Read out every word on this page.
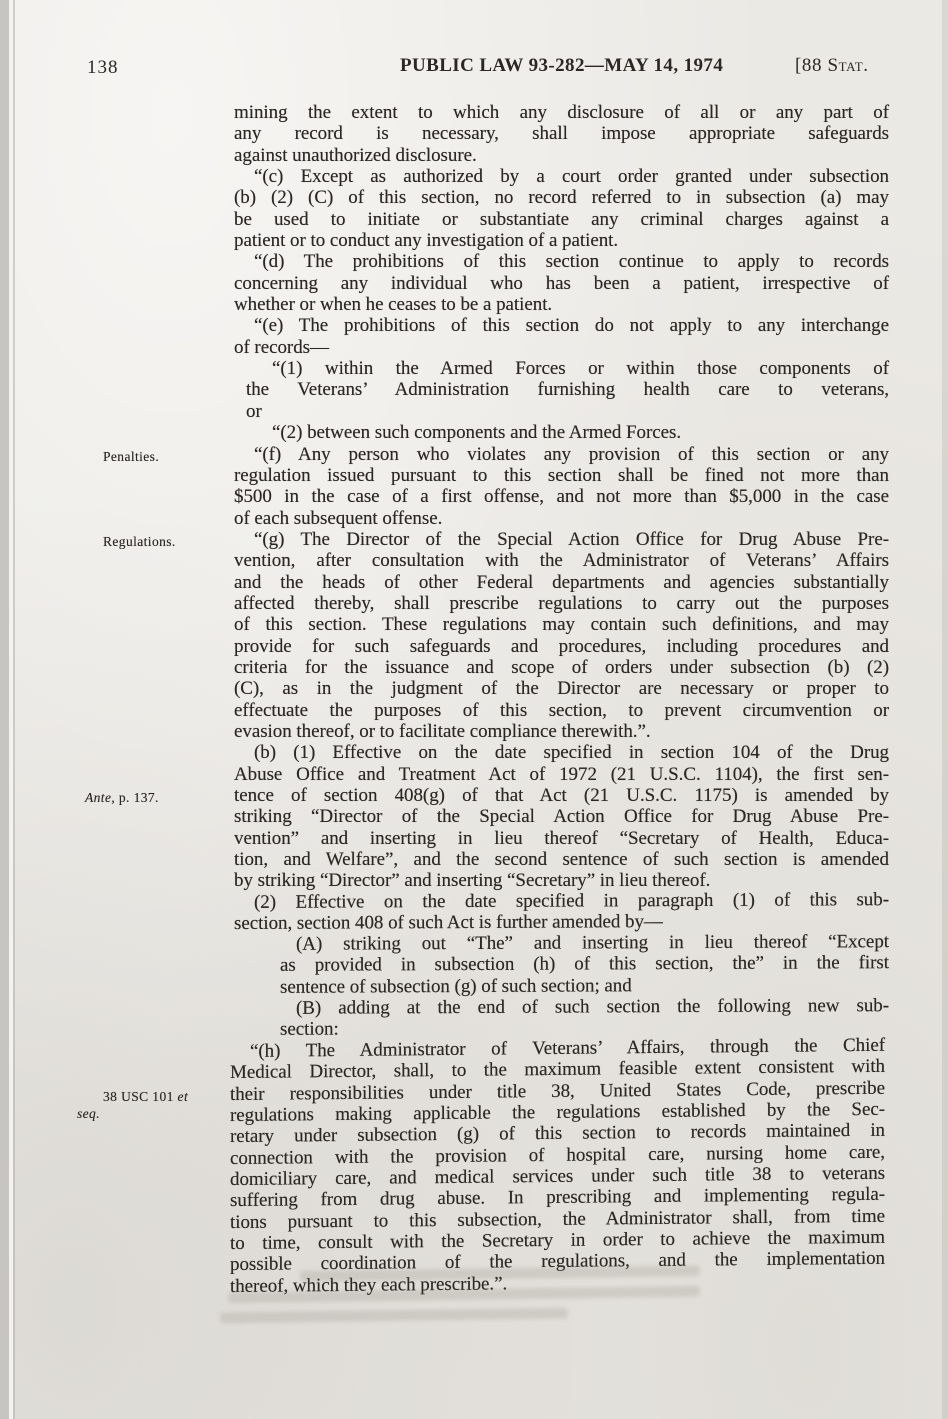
138	PUBLIC LAW 93-282—MAY 14, 1974	[88 Stat.
mining the extent to which any disclosure of all or any part of
any record is necessary, shall impose appropriate safeguards
against unauthorized disclosure.
“(c) Except as authorized by a court order granted under subsection
(b) (2) (C) of this section, no record referred to in subsection (a) may
be used to initiate or substantiate any criminal charges against a
patient or to conduct any investigation of a patient.
“(d) The prohibitions of this section continue to apply to records
concerning any individual who has been a patient, irrespective of
whether or when he ceases to be a patient.
“(e) The prohibitions of this section do not apply to any interchange
of records—
“(1) within the Armed Forces or within those components of
the Veterans’ Administration furnishing health care to veterans,
or
“(2) between such components and the Armed Forces.
“(f) Any person who violates any provision of this section or any
regulation issued pursuant to this section shall be fined not more than
$500 in the case of a first offense, and not more than $5,000 in the case
of each subsequent offense.
“(g) The Director of the Special Action Office for Drug Abuse Pre-
vention, after consultation with the Administrator of Veterans’ Affairs
and the heads of other Federal departments and agencies substantially
affected thereby, shall prescribe regulations to carry out the purposes
of this section. These regulations may contain such definitions, and may
provide for such safeguards and procedures, including procedures and
criteria for the issuance and scope of orders under subsection (b) (2)
(C), as in the judgment of the Director are necessary or proper to
effectuate the purposes of this section, to prevent circumvention or
evasion thereof, or to facilitate compliance therewith.”.
(b) (1) Effective on the date specified in section 104 of the Drug
Abuse Office and Treatment Act of 1972 (21 U.S.C. 1104), the first sen-
tence of section 408(g) of that Act (21 U.S.C. 1175) is amended by
striking “Director of the Special Action Office for Drug Abuse Pre-
vention” and inserting in lieu thereof “Secretary of Health, Educa-
tion, and Welfare”, and the second sentence of such section is amended
by striking “Director” and inserting “Secretary” in lieu thereof.
(2) Effective on the date specified in paragraph (1) of this sub-
section, section 408 of such Act is further amended by—
(A) striking out “The” and inserting in lieu thereof “Except
as provided in subsection (h) of this section, the” in the first
sentence of subsection (g) of such section; and
(B) adding at the end of such section the following new sub-
section:
“(h) The Administrator of Veterans’ Affairs, through the Chief
Medical Director, shall, to the maximum feasible extent consistent with
their responsibilities under title 38, United States Code, prescribe
regulations making applicable the regulations established by the Sec-
retary under subsection (g) of this section to records maintained in
connection with the provision of hospital care, nursing home care,
domiciliary care, and medical services under such title 38 to veterans
suffering from drug abuse. In prescribing and implementing regula-
tions pursuant to this subsection, the Administrator shall, from time
to time, consult with the Secretary in order to achieve the maximum
possible coordination of the regulations, and the implementation
thereof, which they each prescribe.”.
Penalties.
Regulations.
Ante, p. 137.
38 USC 101 et
seq.
